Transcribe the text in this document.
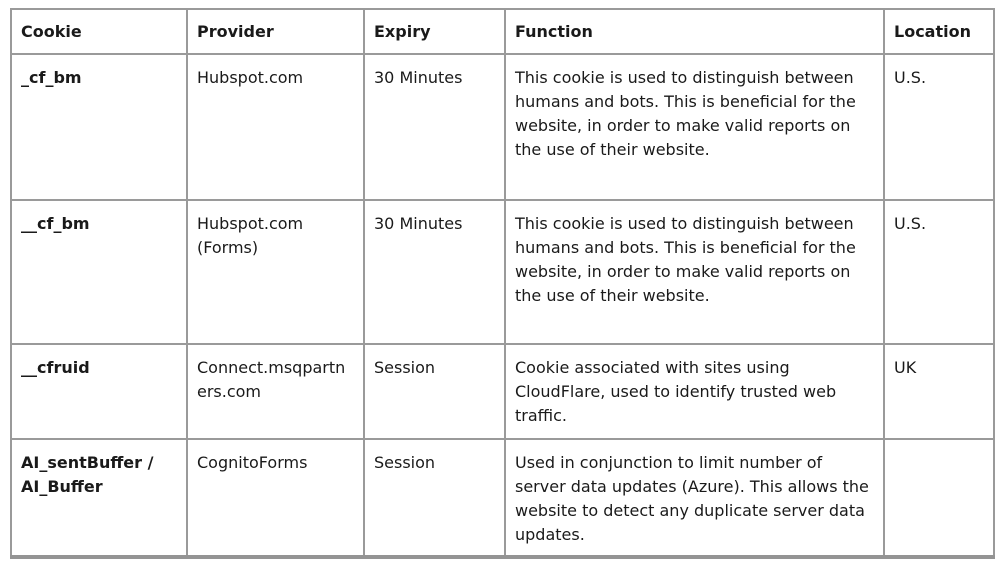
Cookie	Provider	Expiry	Function	Location
_cf_bm	Hubspot.com	30 Minutes	This cookie is used to distinguish between humans and bots. This is beneficial for the website, in order to make valid reports on the use of their website.	U.S.
__cf_bm	Hubspot.com (Forms)	30 Minutes	This cookie is used to distinguish between humans and bots. This is beneficial for the website, in order to make valid reports on the use of their website.	U.S.
__cfruid	Connect.msqpartners.com	Session	Cookie associated with sites using CloudFlare, used to identify trusted web traffic.	UK
AI_sentBuffer / AI_Buffer	CognitoForms	Session	Used in conjunction to limit number of server data updates (Azure). This allows the website to detect any duplicate server data updates.	
